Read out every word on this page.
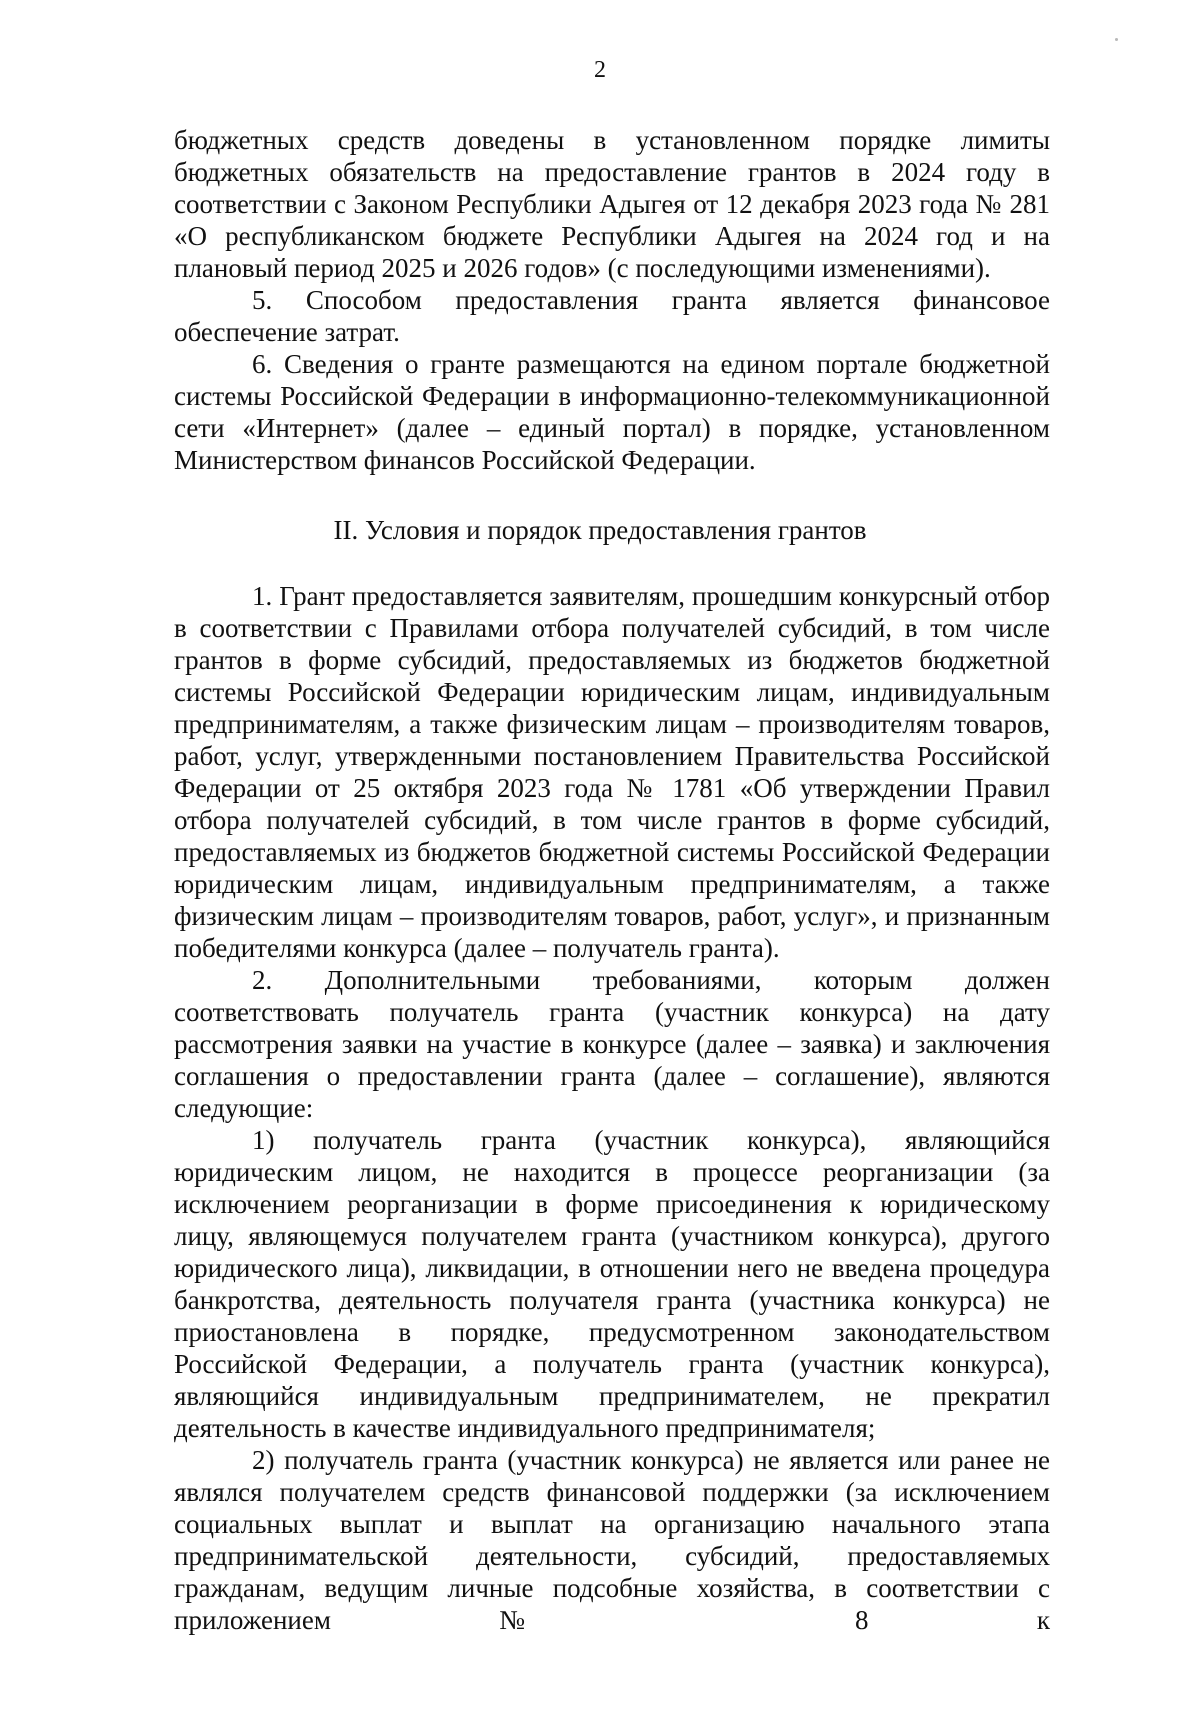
2

бюджетных средств доведены в установленном порядке лимиты бюджетных обязательств на предоставление грантов в 2024 году в соответствии с Законом Республики Адыгея от 12 декабря 2023 года № 281 «О республиканском бюджете Республики Адыгея на 2024 год и на плановый период 2025 и 2026 годов» (с последующими изменениями).

5. Способом предоставления гранта является финансовое обеспечение затрат.

6. Сведения о гранте размещаются на едином портале бюджетной системы Российской Федерации в информационно-телекоммуникационной сети «Интернет» (далее – единый портал) в порядке, установленном Министерством финансов Российской Федерации.

II. Условия и порядок предоставления грантов

1. Грант предоставляется заявителям, прошедшим конкурсный отбор в соответствии с Правилами отбора получателей субсидий, в том числе грантов в форме субсидий, предоставляемых из бюджетов бюджетной системы Российской Федерации юридическим лицам, индивидуальным предпринимателям, а также физическим лицам – производителям товаров, работ, услуг, утвержденными постановлением Правительства Российской Федерации от 25 октября 2023 года № 1781 «Об утверждении Правил отбора получателей субсидий, в том числе грантов в форме субсидий, предоставляемых из бюджетов бюджетной системы Российской Федерации юридическим лицам, индивидуальным предпринимателям, а также физическим лицам – производителям товаров, работ, услуг», и признанным победителями конкурса (далее – получатель гранта).

2. Дополнительными требованиями, которым должен соответствовать получатель гранта (участник конкурса) на дату рассмотрения заявки на участие в конкурсе (далее – заявка) и заключения соглашения о предоставлении гранта (далее – соглашение), являются следующие:

1) получатель гранта (участник конкурса), являющийся юридическим лицом, не находится в процессе реорганизации (за исключением реорганизации в форме присоединения к юридическому лицу, являющемуся получателем гранта (участником конкурса), другого юридического лица), ликвидации, в отношении него не введена процедура банкротства, деятельность получателя гранта (участника конкурса) не приостановлена в порядке, предусмотренном законодательством Российской Федерации, а получатель гранта (участник конкурса), являющийся индивидуальным предпринимателем, не прекратил деятельность в качестве индивидуального предпринимателя;

2) получатель гранта (участник конкурса) не является или ранее не являлся получателем средств финансовой поддержки (за исключением социальных выплат и выплат на организацию начального этапа предпринимательской деятельности, субсидий, предоставляемых гражданам, ведущим личные подсобные хозяйства, в соответствии с приложением № 8 к
